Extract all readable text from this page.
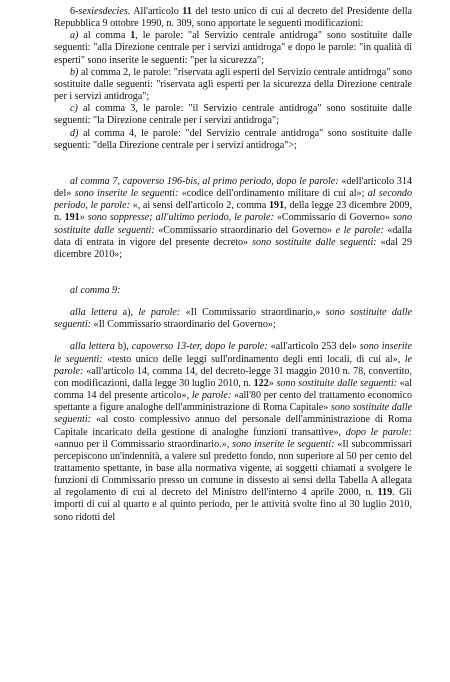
6-sexiesdecies. All'articolo 11 del testo unico di cui al decreto del Presidente della Repubblica 9 ottobre 1990, n. 309, sono apportate le seguenti modificazioni:

a) al comma 1, le parole: "al Servizio centrale antidroga" sono sostituite dalle seguenti: "alla Direzione centrale per i servizi antidroga" e dopo le parole: "in qualità di esperti" sono inserite le seguenti: "per la sicurezza";

b) al comma 2, le parole: "riservata agli esperti del Servizio centrale antidroga" sono sostituite dalle seguenti: "riservata agli esperti per la sicurezza della Direzione centrale per i servizi antidroga";

c) al comma 3, le parole: "il Servizio centrale antidroga" sono sostituite dalle seguenti: "la Direzione centrale per i servizi antidroga";

d) al comma 4, le parole: "del Servizio centrale antidroga" sono sostituite dalle seguenti: "della Direzione centrale per i servizi antidroga">;

al comma 7, capoverso 196-bis, al primo periodo, dopo le parole: «dell'articolo 314 del» sono inserite le seguenti: «codice dell'ordinamento militare di cui al»; al secondo periodo, le parole: «, ai sensi dell'articolo 2, comma 191, della legge 23 dicembre 2009, n. 191» sono soppresse; all'ultimo periodo, le parole: «Commissario di Governo» sono sostituite dalle seguenti: «Commissario straordinario del Governo» e le parole: «dalla data di entrata in vigore del presente decreto» sono sostituite dalle seguenti: «dal 29 dicembre 2010»;

al comma 9:

alla lettera a), le parole: «Il Commissario straordinario,» sono sostituite dalle seguenti: «Il Commissario straordinario del Governo»;

alla lettera b), capoverso 13-ter, dopo le parole: «all'articolo 253 del» sono inserite le seguenti: «testo unico delle leggi sull'ordinamento degli enti locali, di cui al», le parole: «all'articolo 14, comma 14, del decreto-legge 31 maggio 2010 n. 78, convertito, con modificazioni, dalla legge 30 luglio 2010, n. 122» sono sostituite dalle seguenti: «al comma 14 del presente articolo», le parole: «all'80 per cento del trattamento economico spettante a figure analoghe dell'amministrazione di Roma Capitale» sono sostituite dalle seguenti: «al costo complessivo annuo del personale dell'amministrazione di Roma Capitale incaricato della gestione di analoghe funzioni transattive», dopo le parole: «annuo per il Commissario straordinario.», sono inserite le seguenti: «Il subcommissari percepiscono un'indennità, a valere sul predetto fondo, non superiore al 50 per cento del trattamento spettante, in base alla normativa vigente, ai soggetti chiamati a svolgere le funzioni di Commissario presso un comune in dissesto ai sensi della Tabella A allegata al regolamento di cui al decreto del Ministro dell'interno 4 aprile 2000, n. 119. Gli importi di cui al quarto e al quinto periodo, per le attività svolte fino al 30 luglio 2010, sono ridotti del
